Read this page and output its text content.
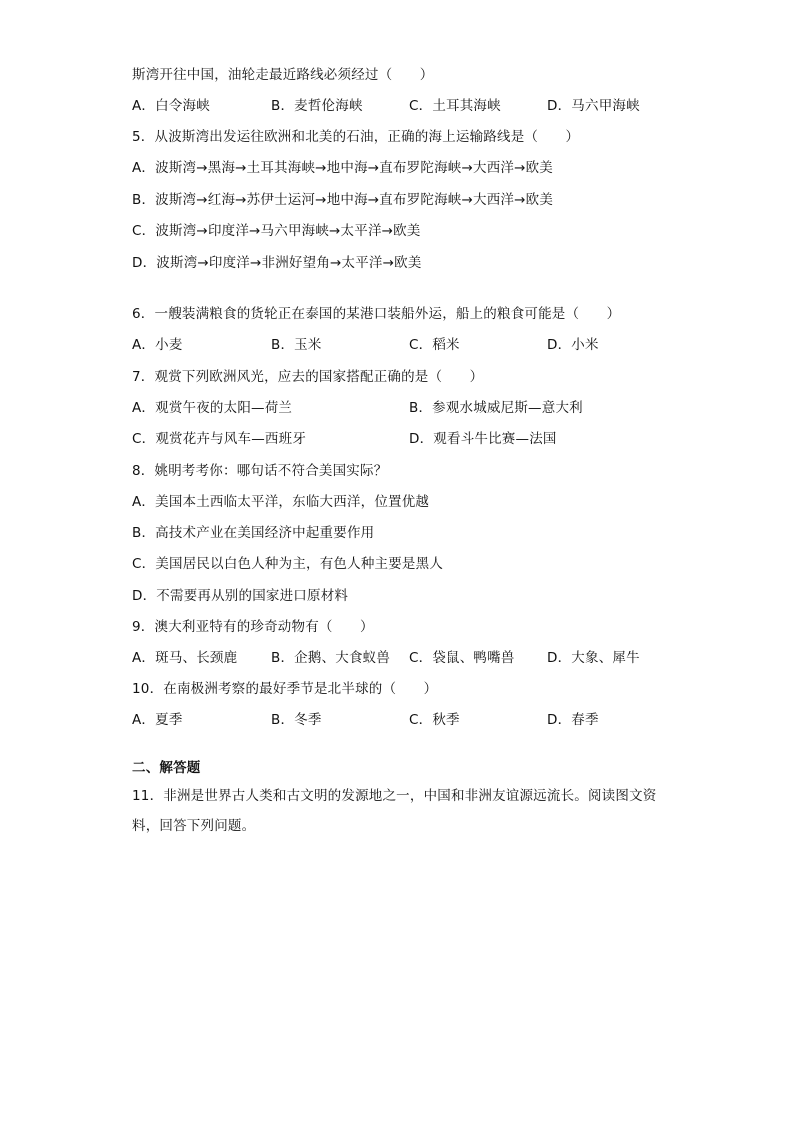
斯湾开往中国，油轮走最近路线必须经过（　　）
A．白令海峡	B．麦哲伦海峡	C．土耳其海峡	D．马六甲海峡
5．从波斯湾出发运往欧洲和北美的石油，正确的海上运输路线是（　　）
A．波斯湾→黑海→土耳其海峡→地中海→直布罗陀海峡→大西洋→欧美
B．波斯湾→红海→苏伊士运河→地中海→直布罗陀海峡→大西洋→欧美
C．波斯湾→印度洋→马六甲海峡→太平洋→欧美
D．波斯湾→印度洋→非洲好望角→太平洋→欧美
6．一艘装满粮食的货轮正在泰国的某港口装船外运，船上的粮食可能是（　　）
A．小麦	B．玉米	C．稻米	D．小米
7．观赏下列欧洲风光，应去的国家搭配正确的是（　　）
A．观赏午夜的太阳—荷兰	B．参观水城威尼斯—意大利
C．观赏花卉与风车—西班牙	D．观看斗牛比赛—法国
8．姚明考考你：哪句话不符合美国实际？
A．美国本土西临太平洋，东临大西洋，位置优越
B．高技术产业在美国经济中起重要作用
C．美国居民以白色人种为主，有色人种主要是黑人
D．不需要再从别的国家进口原材料
9．澳大利亚特有的珍奇动物有（　　）
A．斑马、长颈鹿 B．企鹅、大食蚁兽 C．袋鼠、鸭嘴兽 D．大象、犀牛
10．在南极洲考察的最好季节是北半球的（　　）
A．夏季	B．冬季	C．秋季	D．春季
二、解答题
11．非洲是世界古人类和古文明的发源地之一，中国和非洲友谊源远流长。阅读图文资
料，回答下列问题。
